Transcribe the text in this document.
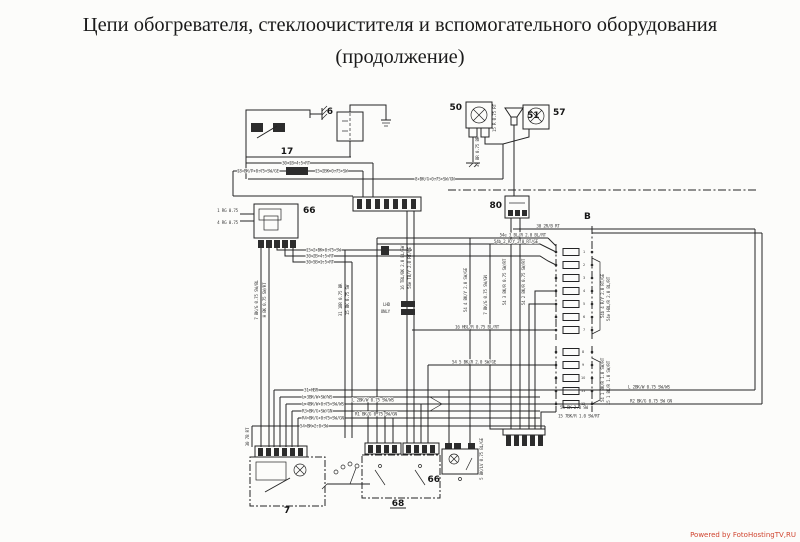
Цепи обогревателя, стеклоочистителя и вспомогательного оборудования
(продолжение)
17
6	51
50	15 R 0.75 RT
31 BR 0.75 BR
57
30 1B 4.5 RT
18 BK/P 0.75 SW/GE	15 2BK 0.75 SW
8 BK/G 0.75 SW/GN
66
1 RG 0.75
4 RG 0.75
15 2 BK 0.75 SW
30 2B 4.5 RT
30 5B 1.5 RT
7 BK/G 0.75 SW/BL H BK 0.75 SW/RT	31 1BR 0.75 BR 15 BK 0.75 SW
80
54 3 BK/R 0.75 SW/RT	54 2 BK/R 0.75 SW/RT
B
30 2R/B RT
54e 3 BL/R 2.0 BL/RT
54b 2 R/Y 2.0 RT/GE
54 4 BK/Y 2.0 SW/GE	7 BK/G 0.75 SW/GN
LHD
ONLY
16 TBL/BK 2.0 BL/SW 54e TB/Y 2.0 RT/GE	1
2
3
4
5
6
7
8
9
10
11
12
54b 4 R/Y 2.0 RT/GE 54e HBL/R 2.0 BL/RT
54 1 BK/R 1.0 SW/RT 15 1 BK/R 1.0 SW/RT
16 HBL/R 0.75 BL/RT
54 5 BK/R 2.0 SW/GE
54 BK 2.0 SW
15 7BK/R 1.0 SW/RT
31 HBR
L 3BK/W SW/WS
L 4BK/W 0.75 SW/WS
R3 BK/G SW/GN
R4 BK/G 0.75 SW/GN
54 BK 2.0 SW
L 2BK/W 0.75 SW/WS
R1 BK/G 0.75 SW/GN
L 2BK/W 0.75 SW/WS
R2 BK/G 0.75 SW GN
30 7B RT
7
68
66
5 BK/LV 0.75 BL/GE
Powered by FotoHostingTV,RU
